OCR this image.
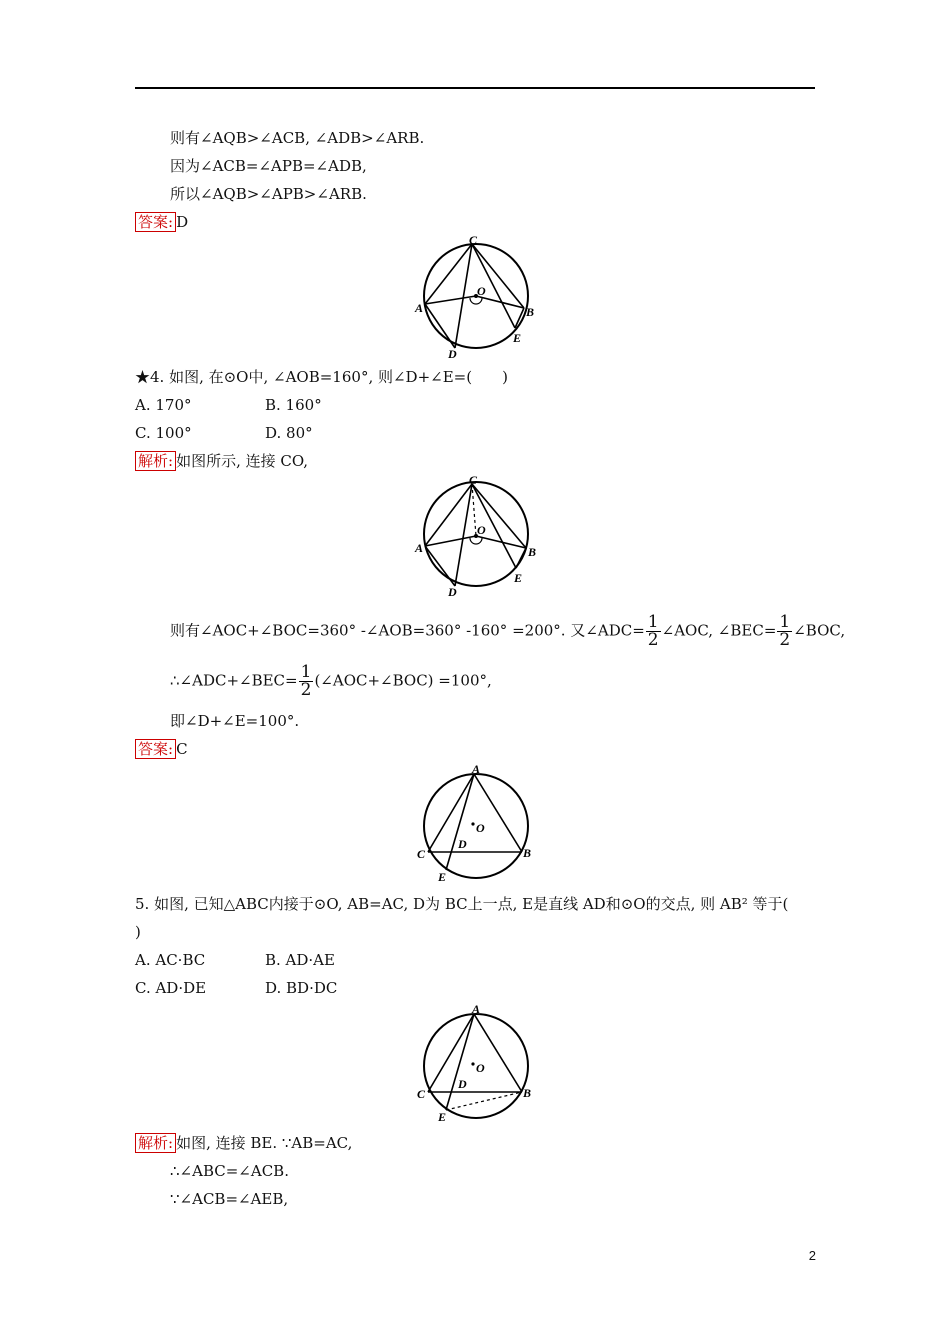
则有∠AQB>∠ACB, ∠ADB>∠ARB.
因为∠ACB=∠APB=∠ADB,
所以∠AQB>∠APB>∠ARB.
答案: D
C
A	B
D
E
O
★4. 如图, 在⊙O中, ∠AOB=160°, 则∠D+∠E=(　　)
A. 170°	B. 160°
C. 100°	D. 80°
解析: 如图所示, 连接 CO,
C
A	B
D
E
O
则有∠AOC+∠BOC=360° -∠AOB=360° -160° =200°. 又∠ADC= $\frac{1}{2}$ ∠AOC, ∠BEC= $\frac{1}{2}$ ∠BOC,
∴∠ADC+∠BEC= $\frac{1}{2}$ (∠AOC+∠BOC) =100°,
即∠D+∠E=100°.
答案: C
A
C	B
D
E
O
5. 如图, 已知△ABC内接于⊙O, AB=AC, D为 BC上一点, E是直线 AD和⊙O的交点, 则 AB² 等于(
)
A. AC·BC	B. AD·AE
C. AD·DE	D. BD·DC
A
C	B
D
E
O
解析: 如图, 连接 BE. ∵AB=AC,
∴∠ABC=∠ACB.
∵∠ACB=∠AEB,
2
